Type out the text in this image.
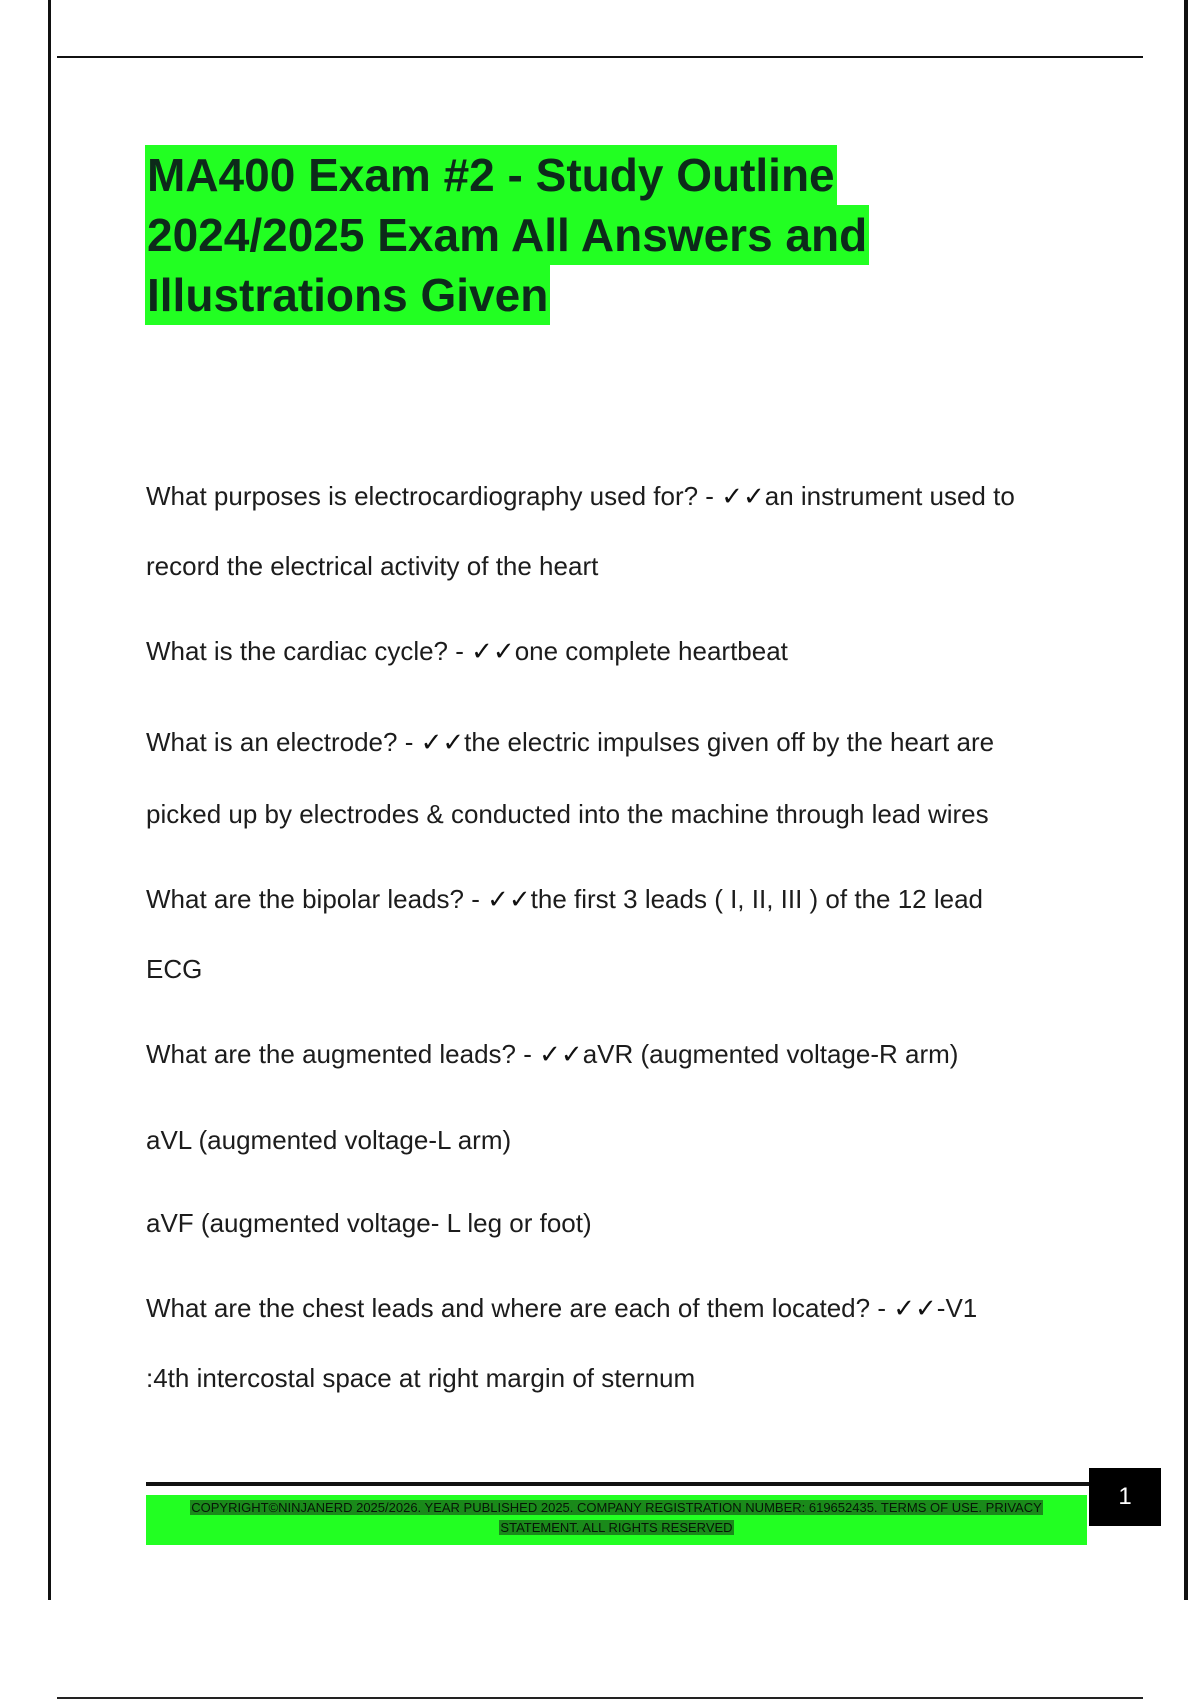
MA400 Exam #2 - Study Outline
2024/2025 Exam All Answers and
Illustrations Given
What purposes is electrocardiography used for? - ✓✓an instrument used to
record the electrical activity of the heart
What is the cardiac cycle? - ✓✓one complete heartbeat
What is an electrode? - ✓✓the electric impulses given off by the heart are
picked up by electrodes & conducted into the machine through lead wires
What are the bipolar leads? - ✓✓the first 3 leads ( I, II, III ) of the 12 lead
ECG
What are the augmented leads? - ✓✓aVR (augmented voltage-R arm)
aVL (augmented voltage-L arm)
aVF (augmented voltage- L leg or foot)
What are the chest leads and where are each of them located? - ✓✓-V1
:4th intercostal space at right margin of sternum
COPYRIGHT©NINJANERD 2025/2026. YEAR PUBLISHED 2025. COMPANY REGISTRATION NUMBER: 619652435. TERMS OF USE. PRIVACY
STATEMENT. ALL RIGHTS RESERVED
1
